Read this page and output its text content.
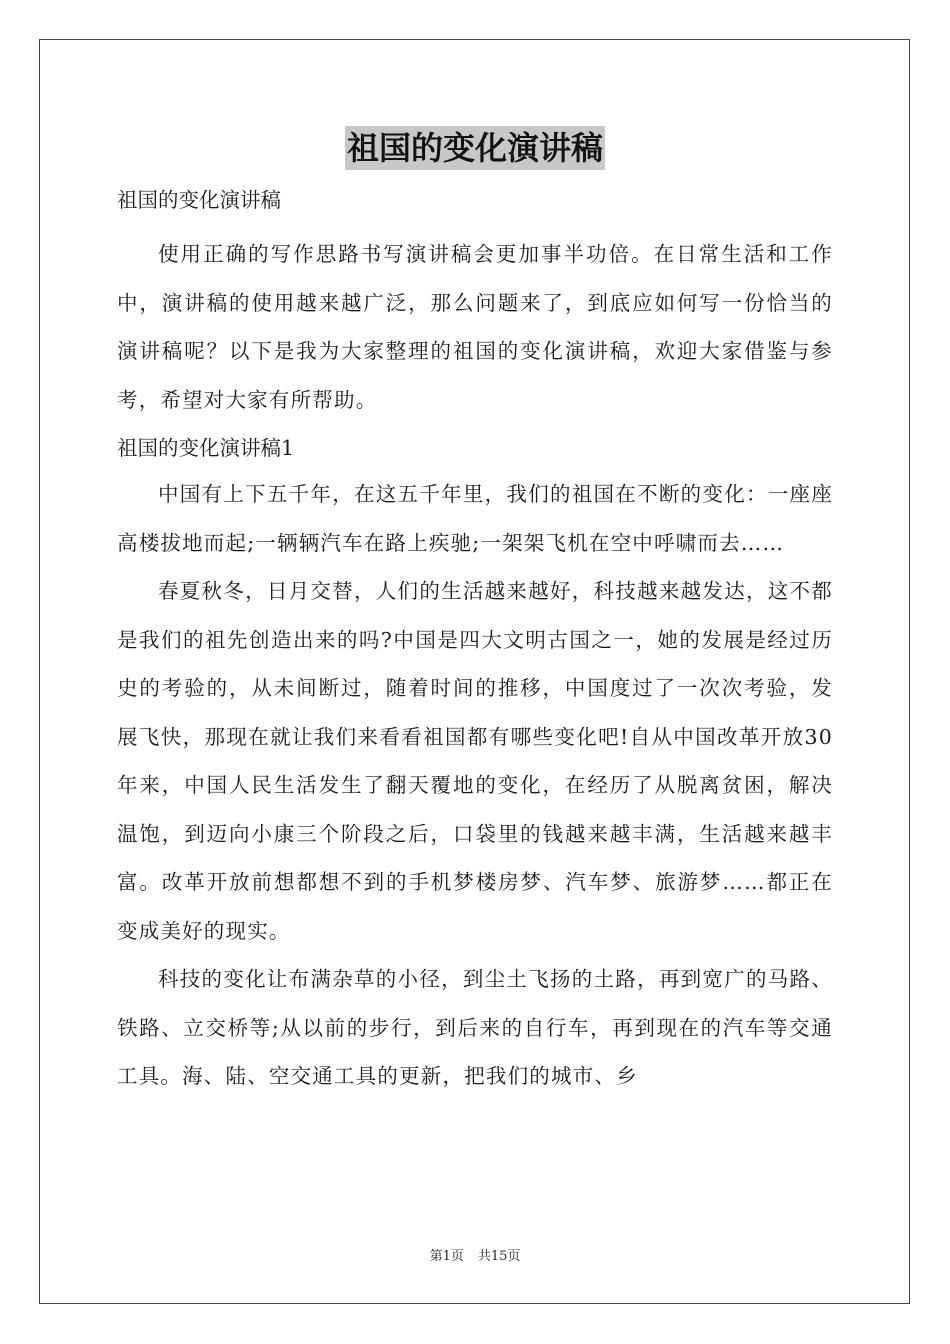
祖国的变化演讲稿

祖国的变化演讲稿

使用正确的写作思路书写演讲稿会更加事半功倍。在日常生活和工作中，演讲稿的使用越来越广泛，那么问题来了，到底应如何写一份恰当的演讲稿呢？以下是我为大家整理的祖国的变化演讲稿，欢迎大家借鉴与参考，希望对大家有所帮助。

祖国的变化演讲稿1

中国有上下五千年，在这五千年里，我们的祖国在不断的变化：一座座高楼拔地而起;一辆辆汽车在路上疾驰;一架架飞机在空中呼啸而去……

春夏秋冬，日月交替，人们的生活越来越好，科技越来越发达，这不都是我们的祖先创造出来的吗?中国是四大文明古国之一，她的发展是经过历史的考验的，从未间断过，随着时间的推移，中国度过了一次次考验，发展飞快，那现在就让我们来看看祖国都有哪些变化吧!自从中国改革开放30年来，中国人民生活发生了翻天覆地的变化，在经历了从脱离贫困，解决温饱，到迈向小康三个阶段之后，口袋里的钱越来越丰满，生活越来越丰富。改革开放前想都想不到的手机梦楼房梦、汽车梦、旅游梦……都正在变成美好的现实。

科技的变化让布满杂草的小径，到尘土飞扬的土路，再到宽广的马路、铁路、立交桥等;从以前的步行，到后来的自行车，再到现在的汽车等交通工具。海、陆、空交通工具的更新，把我们的城市、乡

第1页 共15页
